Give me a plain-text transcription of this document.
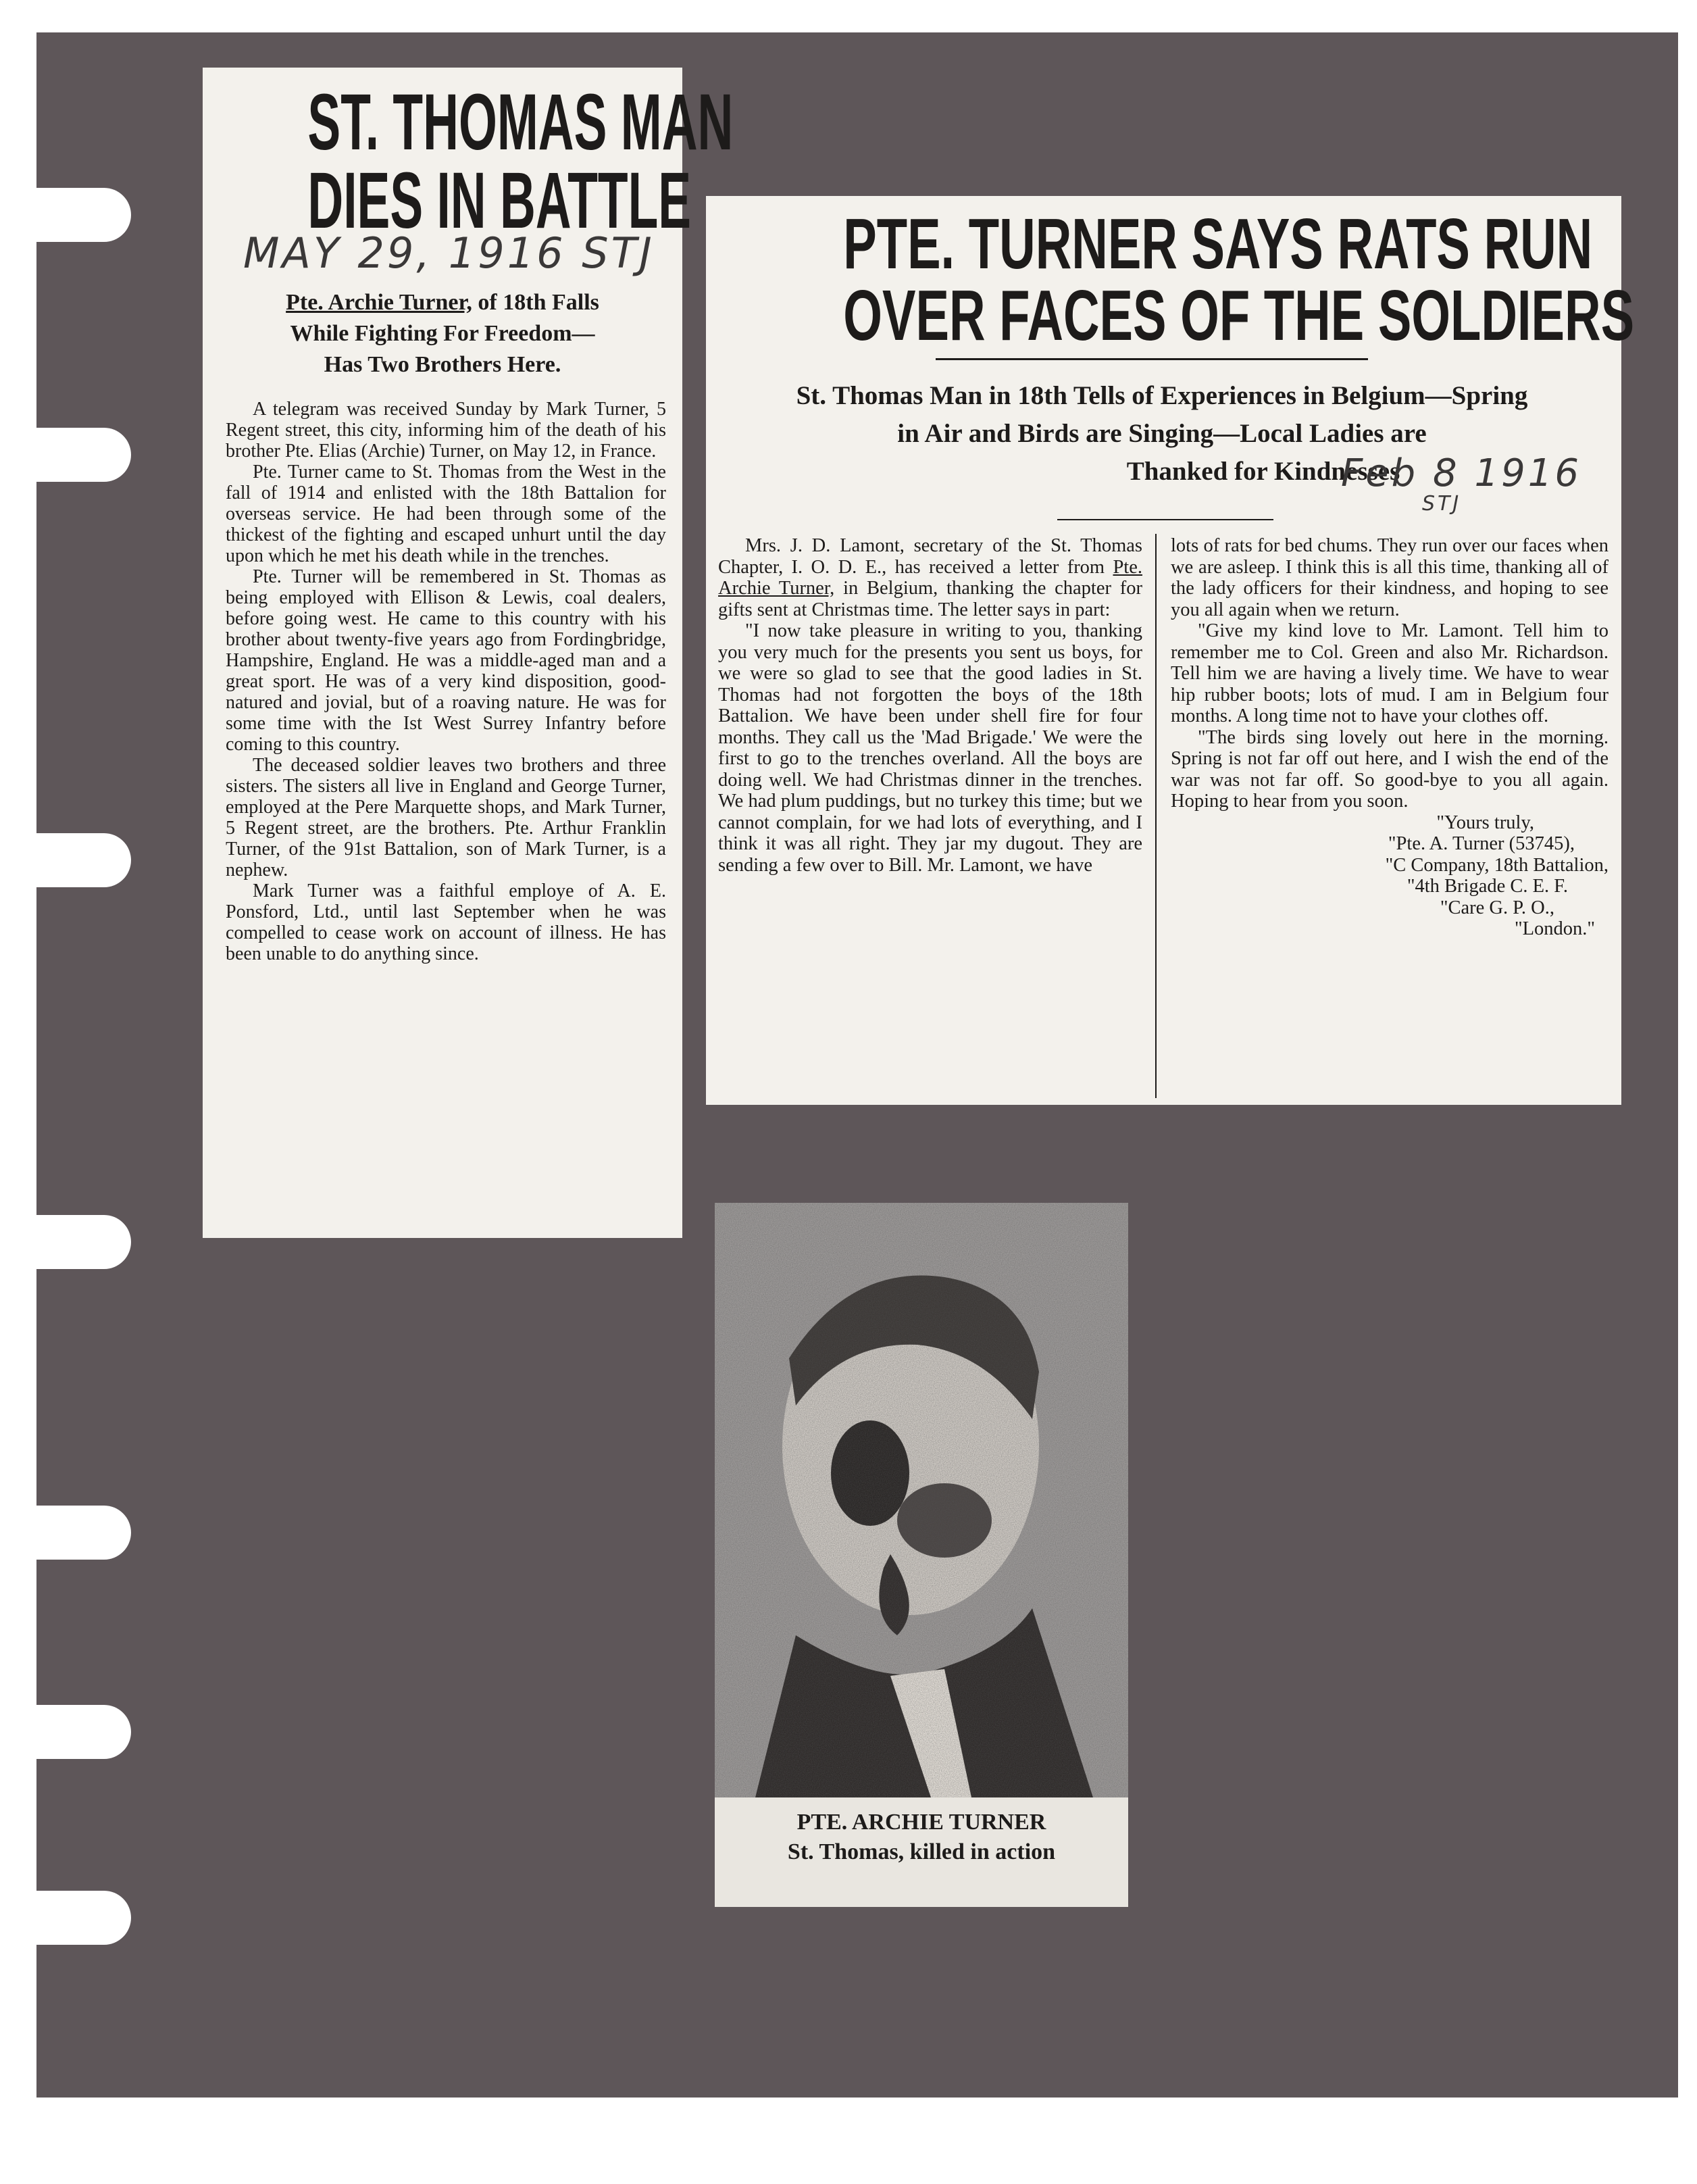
ST. THOMAS MAN
DIES IN BATTLE
MAY 29, 1916 STJ
Pte. Archie Turner, of 18th Falls
While Fighting For Freedom—
Has Two Brothers Here.

A telegram was received Sunday by Mark Turner, 5 Regent street, this city, informing him of the death of his brother Pte. Elias (Archie) Turner, on May 12, in France.

Pte. Turner came to St. Thomas from the West in the fall of 1914 and enlisted with the 18th Battalion for overseas service. He had been through some of the thickest of the fighting and escaped unhurt until the day upon which he met his death while in the trenches.

Pte. Turner will be remembered in St. Thomas as being employed with Ellison & Lewis, coal dealers, before going west. He came to this country with his brother about twenty-five years ago from Fordingbridge, Hampshire, England. He was a middle-aged man and a great sport. He was of a very kind disposition, good-natured and jovial, but of a roaving nature. He was for some time with the Ist West Surrey Infantry before coming to this country.

The deceased soldier leaves two brothers and three sisters. The sisters all live in England and George Turner, employed at the Pere Marquette shops, and Mark Turner, 5 Regent street, are the brothers. Pte. Arthur Franklin Turner, of the 91st Battalion, son of Mark Turner, is a nephew.

Mark Turner was a faithful employe of A. E. Ponsford, Ltd., until last September when he was compelled to cease work on account of illness. He has been unable to do anything since.

PTE. TURNER SAYS RATS RUN
OVER FACES OF THE SOLDIERS
St. Thomas Man in 18th Tells of Experiences in Belgium—Spring
in Air and Birds are Singing—Local Ladies are
Thanked for Kindnesses
Feb 8 1916
STJ

Mrs. J. D. Lamont, secretary of the St. Thomas Chapter, I. O. D. E., has received a letter from Pte. Archie Turner, in Belgium, thanking the chapter for gifts sent at Christmas time. The letter says in part:

"I now take pleasure in writing to you, thanking you very much for the presents you sent us boys, for we were so glad to see that the good ladies in St. Thomas had not forgotten the boys of the 18th Battalion. We have been under shell fire for four months. They call us the 'Mad Brigade.' We were the first to go to the trenches overland. All the boys are doing well. We had Christmas dinner in the trenches. We had plum puddings, but no turkey this time; but we cannot complain, for we had lots of everything, and I think it was all right. They jar my dugout. They are sending a few over to Bill. Mr. Lamont, we have

lots of rats for bed chums. They run over our faces when we are asleep. I think this is all this time, thanking all of the lady officers for their kindness, and hoping to see you all again when we return.

"Give my kind love to Mr. Lamont. Tell him to remember me to Col. Green and also Mr. Richardson. Tell him we are having a lively time. We have to wear hip rubber boots; lots of mud. I am in Belgium four months. A long time not to have your clothes off.

"The birds sing lovely out here in the morning. Spring is not far off out here, and I wish the end of the war was not far off. So good-bye to you all again. Hoping to hear from you soon.

"Yours truly,
"Pte. A. Turner (53745),
"C Company, 18th Battalion,
"4th Brigade C. E. F.
"Care G. P. O.,
"London."
PTE. ARCHIE TURNER
St. Thomas, killed in action
